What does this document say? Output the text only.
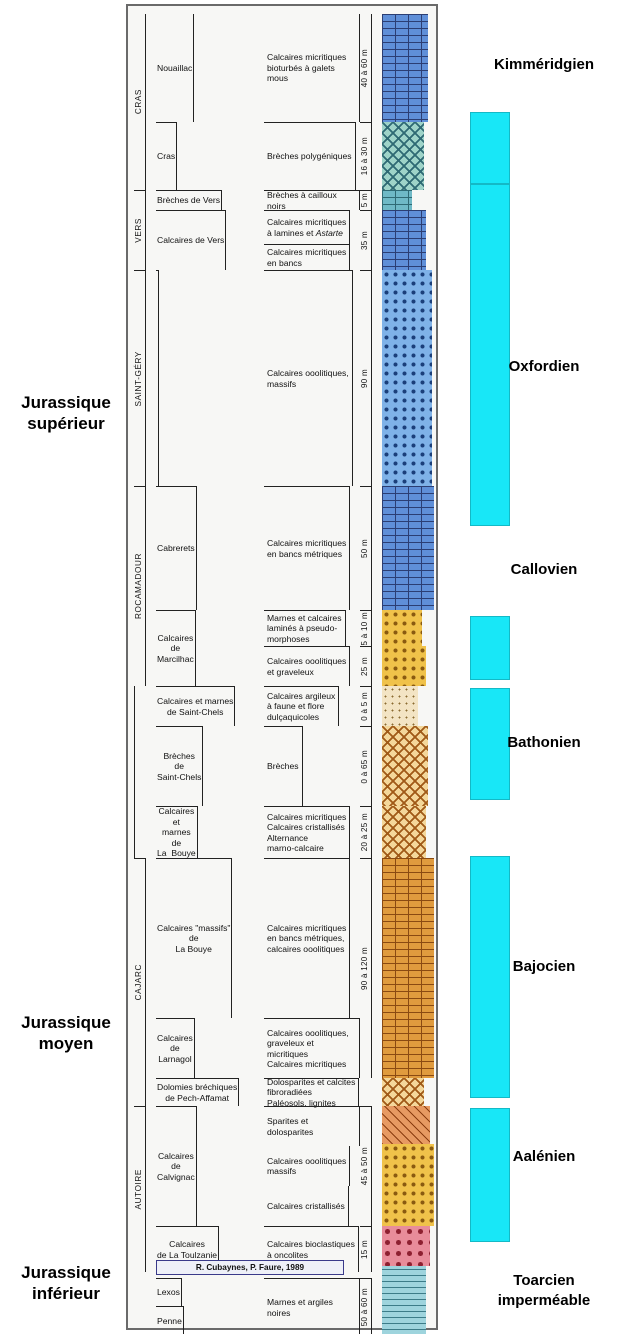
Jurassique
supérieur
Jurassique
moyen
Jurassique
inférieur
Kimméridgien
Oxfordien
Callovien
Bathonien
Bajocien
Aalénien
Toarcien
imperméable
CRAS
VERS
SAINT-GÉRY
ROCAMADOUR
CAJARC
AUTOIRE
Nouaillac
Cras
Brèches de Vers
Calcaires de Vers
Cabrerets
Calcaires
de
Marcilhac
Calcaires et marnes
de Saint-Chels
Brèches
de
Saint-Chels
Calcaires
et
marnes
de
La  Bouye
Calcaires "massifs"
de
La Bouye
Calcaires
de
Larnagol
Dolomies bréchiques
de Pech-Affamat
Calcaires
de
Calvignac
Calcaires
de La Toulzanie
Lexos
Penne
Calcaires micritiques
bioturbés à galets mous
Brèches polygéniques
Brèches à cailloux noirs
Calcaires micritiques
à lamines et Astarte
Calcaires micritiques
en bancs
Calcaires ooolitiques,
massifs
Calcaires micritiques
en bancs métriques
Marnes et calcaires
laminés à pseudo-
morphoses
Calcaires ooolitiques
et graveleux
Calcaires argileux
à faune et flore
dulçaquicoles
Brèches
Calcaires micritiques
Calcaires cristallisés
Alternance
marno-calcaire
Calcaires micritiques
en bancs métriques,
calcaires ooolitiques
Calcaires ooolitiques,
graveleux et micritiques
Calcaires micritiques
Dolosparites et calcites
fibroradiées
Paléosols, lignites
Sparites et dolosparites
Calcaires ooolitiques
massifs
Calcaires cristallisés
Calcaires bioclastiques
à oncolites
Marnes et argiles noires
40 à 60 m
16 à 30 m
5 m
35 m
90 m
50 m
5 à 10 m
25 m
0 à 5 m
0 à 65 m
20 à 25 m
90 à 120 m
45 à 50 m
15 m
50 à 60 m
R. Cubaynes, P. Faure, 1989
